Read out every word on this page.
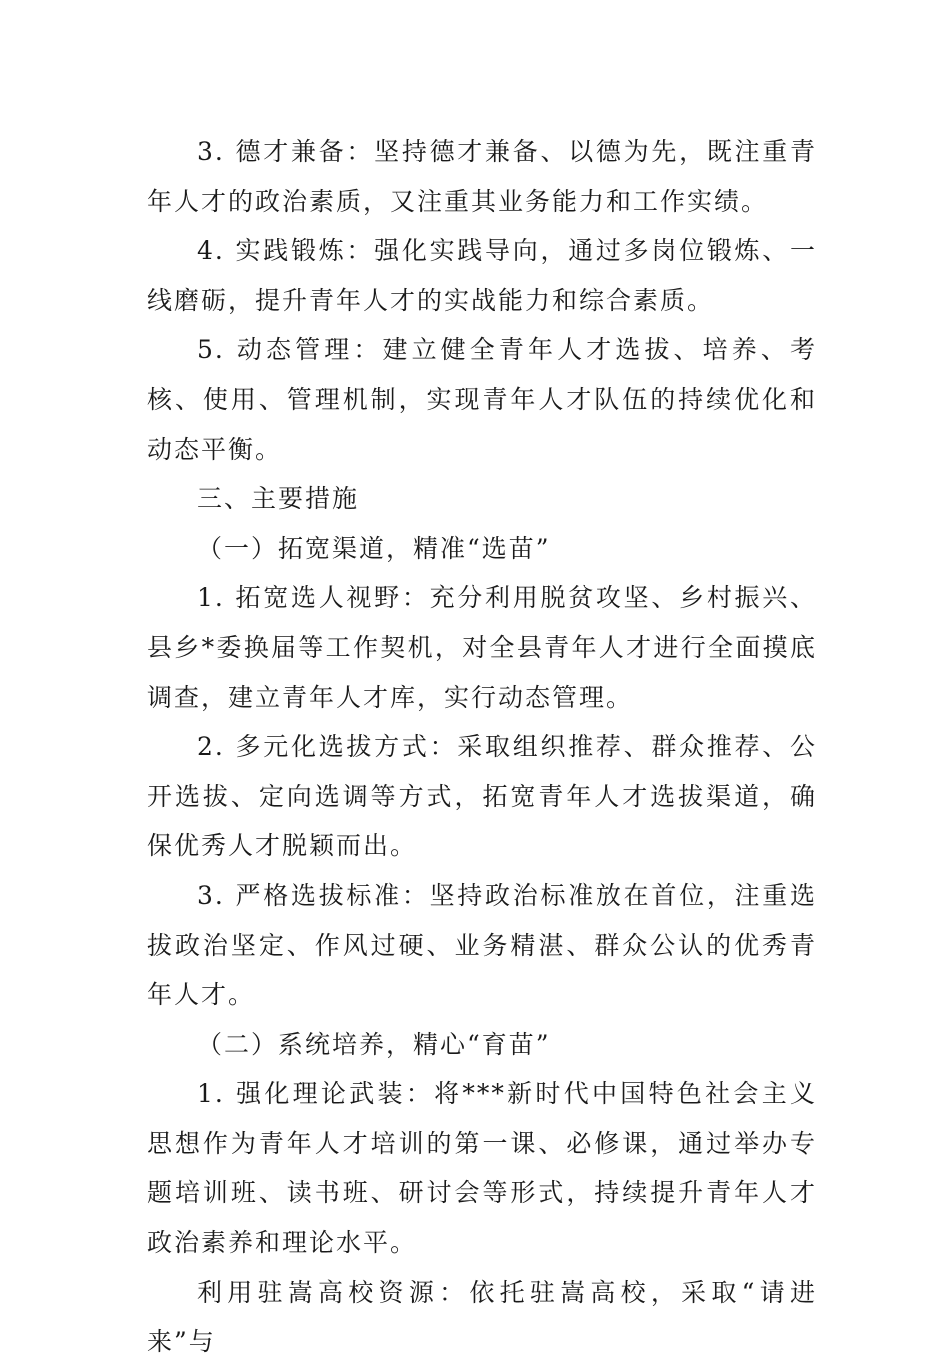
3. 德才兼备：坚持德才兼备、以德为先，既注重青年人才的政治素质，又注重其业务能力和工作实绩。

4. 实践锻炼：强化实践导向，通过多岗位锻炼、一线磨砺，提升青年人才的实战能力和综合素质。

5. 动态管理：建立健全青年人才选拔、培养、考核、使用、管理机制，实现青年人才队伍的持续优化和动态平衡。

三、主要措施

（一）拓宽渠道，精准“选苗”

1. 拓宽选人视野：充分利用脱贫攻坚、乡村振兴、县乡*委换届等工作契机，对全县青年人才进行全面摸底调查，建立青年人才库，实行动态管理。

2. 多元化选拔方式：采取组织推荐、群众推荐、公开选拔、定向选调等方式，拓宽青年人才选拔渠道，确保优秀人才脱颖而出。

3. 严格选拔标准：坚持政治标准放在首位，注重选拔政治坚定、作风过硬、业务精湛、群众公认的优秀青年人才。

（二）系统培养，精心“育苗”

1. 强化理论武装：将***新时代中国特色社会主义思想作为青年人才培训的第一课、必修课，通过举办专题培训班、读书班、研讨会等形式，持续提升青年人才政治素养和理论水平。

利用驻嵩高校资源：依托驻嵩高校，采取“请进来”与
